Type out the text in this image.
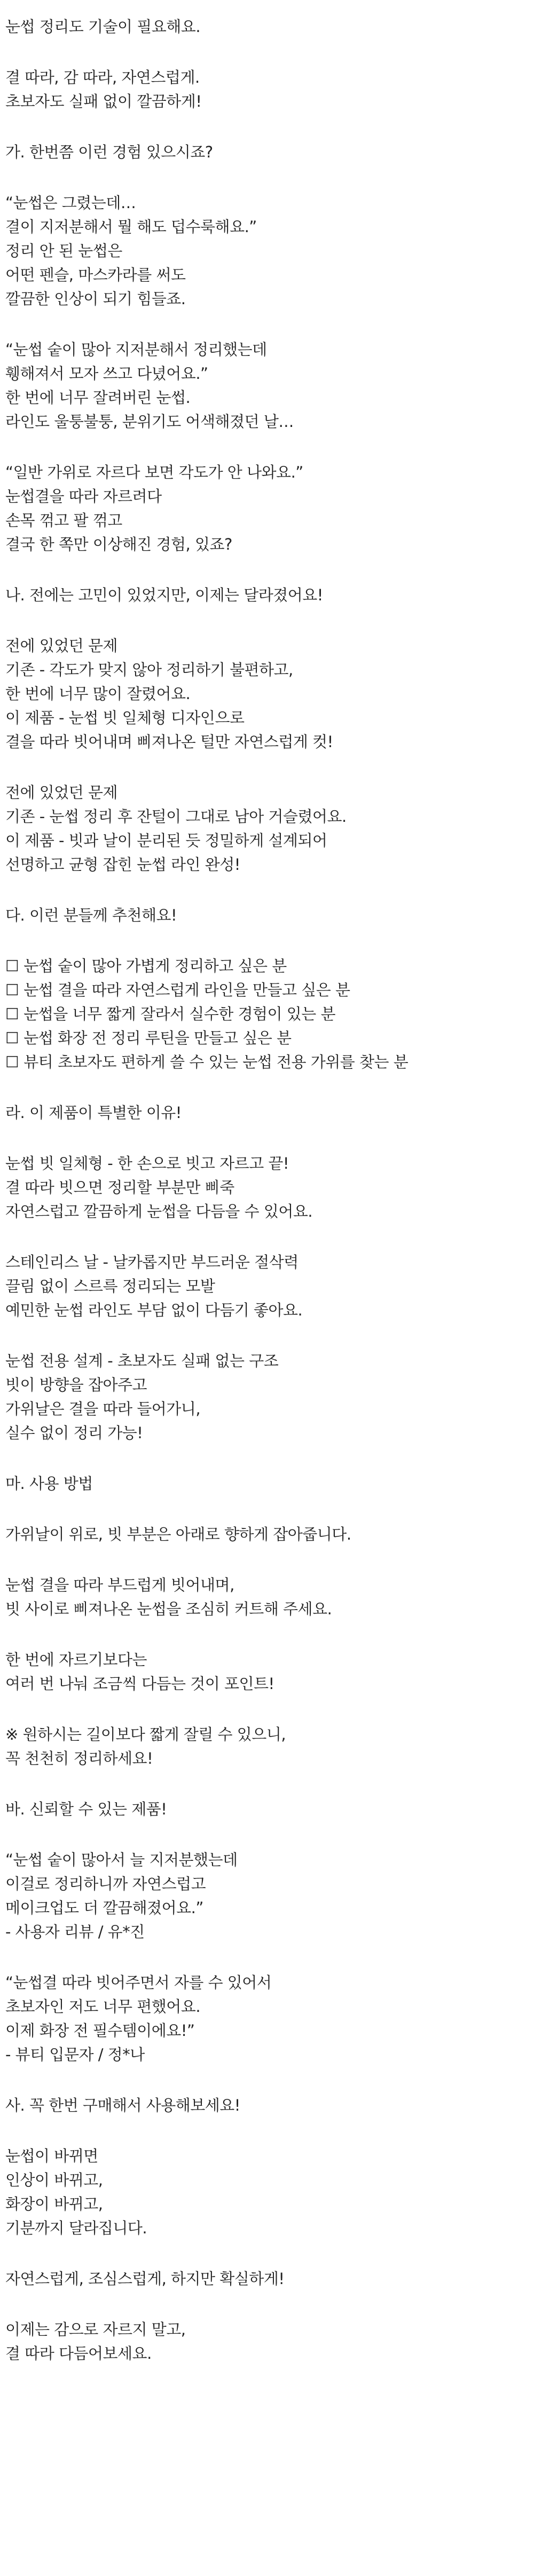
눈썹 정리도 기술이 필요해요.
결 따라, 감 따라, 자연스럽게.
초보자도 실패 없이 깔끔하게!
가. 한번쯤 이런 경험 있으시죠?
“눈썹은 그렸는데…
결이 지저분해서 뭘 해도 덥수룩해요.”
정리 안 된 눈썹은
어떤 펜슬, 마스카라를 써도
깔끔한 인상이 되기 힘들죠.
“눈썹 숱이 많아 지저분해서 정리했는데
휑해져서 모자 쓰고 다녔어요.”
한 번에 너무 잘려버린 눈썹.
라인도 울퉁불퉁, 분위기도 어색해졌던 날…
“일반 가위로 자르다 보면 각도가 안 나와요.”
눈썹결을 따라 자르려다
손목 꺾고 팔 꺾고
결국 한 쪽만 이상해진 경험, 있죠?
나. 전에는 고민이 있었지만, 이제는 달라졌어요!
전에 있었던 문제
기존 - 각도가 맞지 않아 정리하기 불편하고,
한 번에 너무 많이 잘렸어요.
이 제품 - 눈썹 빗 일체형 디자인으로
결을 따라 빗어내며 삐져나온 털만 자연스럽게 컷!
전에 있었던 문제
기존 - 눈썹 정리 후 잔털이 그대로 남아 거슬렸어요.
이 제품 - 빗과 날이 분리된 듯 정밀하게 설계되어
선명하고 균형 잡힌 눈썹 라인 완성!
다. 이런 분들께 추천해요!
☐ 눈썹 숱이 많아 가볍게 정리하고 싶은 분
☐ 눈썹 결을 따라 자연스럽게 라인을 만들고 싶은 분
☐ 눈썹을 너무 짧게 잘라서 실수한 경험이 있는 분
☐ 눈썹 화장 전 정리 루틴을 만들고 싶은 분
☐ 뷰티 초보자도 편하게 쓸 수 있는 눈썹 전용 가위를 찾는 분
라. 이 제품이 특별한 이유!
눈썹 빗 일체형 - 한 손으로 빗고 자르고 끝!
결 따라 빗으면 정리할 부분만 삐죽
자연스럽고 깔끔하게 눈썹을 다듬을 수 있어요.
스테인리스 날 - 날카롭지만 부드러운 절삭력
끌림 없이 스르륵 정리되는 모발
예민한 눈썹 라인도 부담 없이 다듬기 좋아요.
눈썹 전용 설계 - 초보자도 실패 없는 구조
빗이 방향을 잡아주고
가위날은 결을 따라 들어가니,
실수 없이 정리 가능!
마. 사용 방법
가위날이 위로, 빗 부분은 아래로 향하게 잡아줍니다.
눈썹 결을 따라 부드럽게 빗어내며,
빗 사이로 삐져나온 눈썹을 조심히 커트해 주세요.
한 번에 자르기보다는
여러 번 나눠 조금씩 다듬는 것이 포인트!
※ 원하시는 길이보다 짧게 잘릴 수 있으니,
꼭 천천히 정리하세요!
바. 신뢰할 수 있는 제품!
“눈썹 숱이 많아서 늘 지저분했는데
이걸로 정리하니까 자연스럽고
메이크업도 더 깔끔해졌어요.”
- 사용자 리뷰 / 유*진
“눈썹결 따라 빗어주면서 자를 수 있어서
초보자인 저도 너무 편했어요.
이제 화장 전 필수템이에요!”
- 뷰티 입문자 / 정*나
사. 꼭 한번 구매해서 사용해보세요!
눈썹이 바뀌면
인상이 바뀌고,
화장이 바뀌고,
기분까지 달라집니다.
자연스럽게, 조심스럽게, 하지만 확실하게!
이제는 감으로 자르지 말고,
결 따라 다듬어보세요.
